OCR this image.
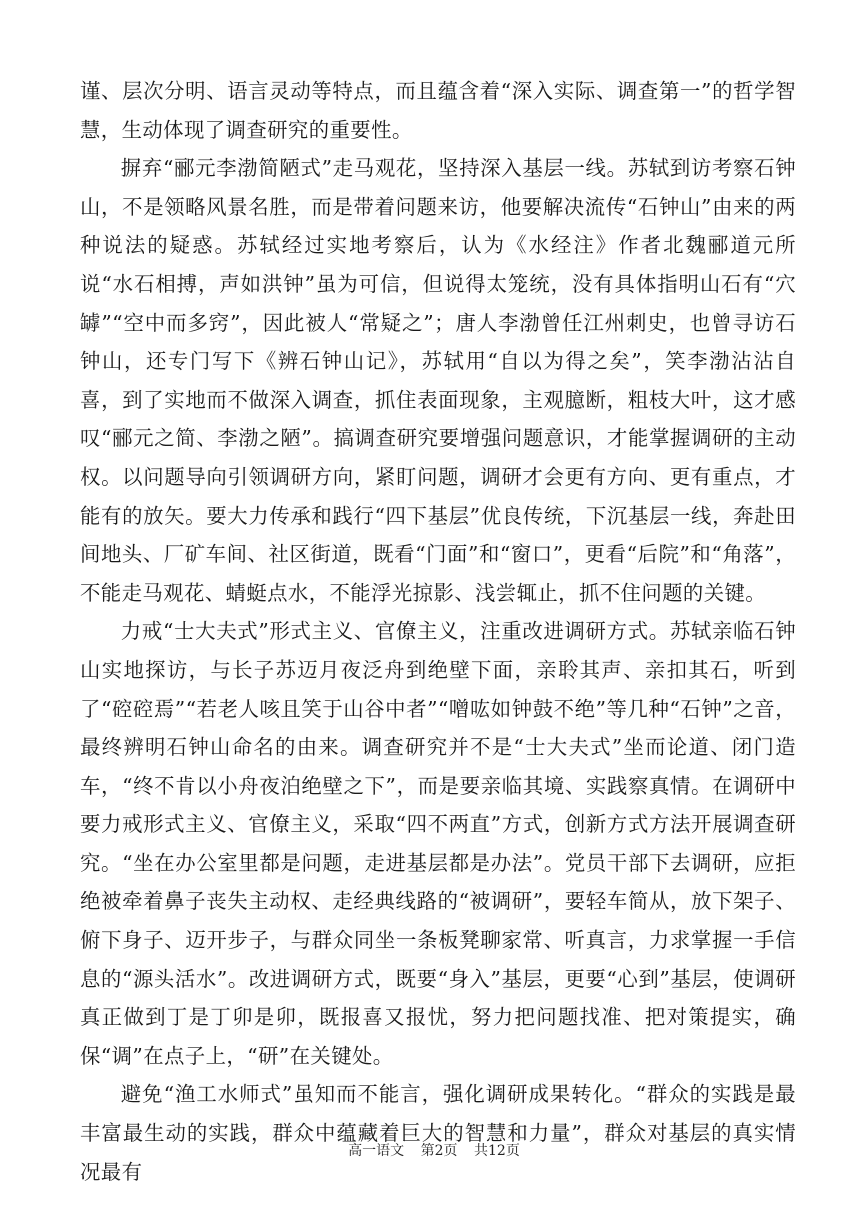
谨、层次分明、语言灵动等特点，而且蕴含着“深入实际、调查第一”的哲学智慧，生动体现了调查研究的重要性。

摒弃“郦元李渤简陋式”走马观花，坚持深入基层一线。苏轼到访考察石钟山，不是领略风景名胜，而是带着问题来访，他要解决流传“石钟山”由来的两种说法的疑惑。苏轼经过实地考察后，认为《水经注》作者北魏郦道元所说“水石相搏，声如洪钟”虽为可信，但说得太笼统，没有具体指明山石有“穴罅”“空中而多窍”，因此被人“常疑之”；唐人李渤曾任江州刺史，也曾寻访石钟山，还专门写下《辨石钟山记》，苏轼用“自以为得之矣”，笑李渤沾沾自喜，到了实地而不做深入调查，抓住表面现象，主观臆断，粗枝大叶，这才感叹“郦元之简、李渤之陋”。搞调查研究要增强问题意识，才能掌握调研的主动权。以问题导向引领调研方向，紧盯问题，调研才会更有方向、更有重点，才能有的放矢。要大力传承和践行“四下基层”优良传统，下沉基层一线，奔赴田间地头、厂矿车间、社区街道，既看“门面”和“窗口”，更看“后院”和“角落”，不能走马观花、蜻蜓点水，不能浮光掠影、浅尝辄止，抓不住问题的关键。

力戒“士大夫式”形式主义、官僚主义，注重改进调研方式。苏轼亲临石钟山实地探访，与长子苏迈月夜泛舟到绝壁下面，亲聆其声、亲扣其石，听到了“硿硿焉”“若老人咳且笑于山谷中者”“噌吰如钟鼓不绝”等几种“石钟”之音，最终辨明石钟山命名的由来。调查研究并不是“士大夫式”坐而论道、闭门造车，“终不肯以小舟夜泊绝壁之下”，而是要亲临其境、实践察真情。在调研中要力戒形式主义、官僚主义，采取“四不两直”方式，创新方式方法开展调查研究。“坐在办公室里都是问题，走进基层都是办法”。党员干部下去调研，应拒绝被牵着鼻子丧失主动权、走经典线路的“被调研”，要轻车简从，放下架子、俯下身子、迈开步子，与群众同坐一条板凳聊家常、听真言，力求掌握一手信息的“源头活水”。改进调研方式，既要“身入”基层，更要“心到”基层，使调研真正做到丁是丁卯是卯，既报喜又报忧，努力把问题找准、把对策提实，确保“调”在点子上，“研”在关键处。

避免“渔工水师式”虽知而不能言，强化调研成果转化。“群众的实践是最丰富最生动的实践，群众中蕴藏着巨大的智慧和力量”，群众对基层的真实情况最有

高一语文 第2页 共12页
